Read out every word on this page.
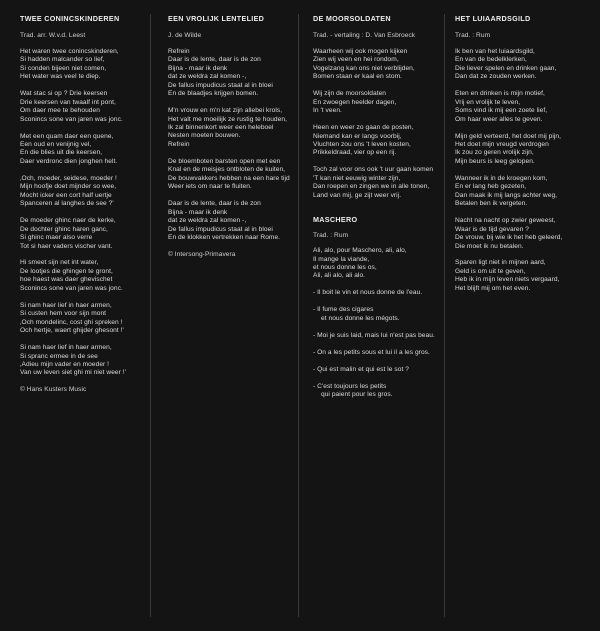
TWEE CONINCSKINDEREN
Trad. arr. W.v.d. Leest
Het waren twee conincskinderen,
Si hadden malcander so lief,
Si conden bijeen niet comen,
Het water was veel te diep.
Wat stac si op ? Drie keersen
Drie keersen van twaalf int pont,
Om daer mee te behouden
Sconincs sone van jaren was jonc.
Met een quam daer een quene,
Een oud en venijnig vel,
En die blies uit die keersen,
Daer verdronc dien jonghen helt.
‚Och, moeder, seidese, moeder !
Mijn hoofje doet mijnder so wee,
Mocht icker een cort half uertje
Spanceren al langhes de see ?'
De moeder ghinc naer de kerke,
De dochter ghinc haren ganc,
Si ghinc maer also verre
Tot si haer vaders vischer vant.
Hi smeet sijn net int water,
De lootjes die ghingen te gront,
hoe haest was daer ghevischet
Sconincs sone van jaren was jonc.
Si nam haer lief in haer armen,
Si custen hem voor sijn mont
‚Och mondelinc, cost ghi spreken !
Och hertje, waert ghijder ghesont !'
Si nam haer lief in haer armen,
Si spranc ermee in de see
‚Adieu mijn vader en moeder !
Van uw leven siet ghi mi niet weer !'
© Hans Kusters Music
EEN VROLIJK LENTELIED
J. de Wilde
Refrein
Daar is de lente, daar is de zon
Bijna - maar ik denk
dat ze weldra zal komen -,
De fallus impudicus staat al in bloei
En de blaadjes krijgen bomen.
M'n vrouw en m'n kat zijn allebei krols,
Het valt me moeilijk ze rustig te houden,
Ik zal binnenkort weer een heleboel
Nesten moeten bouwen.
Refrein
De bloemboten barsten open met een
Knal en de meisjes ontbloten de kuiten,
De bouwvakkers hebben na een hare tijd
Weer iets om naar te fluiten.
Daar is de lente, daar is de zon
Bijna - maar ik denk
dat ze weldra zal komen -,
De fallus impudicus staat al in bloei
En de klokken vertrekken naar Rome.
© Intersong-Primavera
DE MOORSOLDATEN
Trad. - vertaling : D. Van Esbroeck
Waarheen wij ook mogen kijken
Zien wij veen en hei rondom,
Vogelzang kan ons niet verblijden,
Bomen staan er kaal en stom.
Wij zijn de moorsoldaten
En zwoegen heelder dagen,
In 't veen.
Heen en weer zo gaan de posten,
Niemand kan er langs voorbij,
Vluchten zou ons 't leven kosten,
Prikkeldraad, vier op een rij.
Toch zal voor ons ook 't uur gaan komen
'T kan niet eeuwig winter zijn,
Dan roepen en zingen we in alle tonen,
Land van mij, ge zijt weer vrij.
MASCHERO
Trad. : Rum
Ali, alo, pour Maschero, ali, alo,
Il mange la viande,
et nous donne les os,
Ali, ali alo, ali alo.
- Il boit le vin et nous donne de l'eau.
- Il fume des cigares
et nous donne les mégots.
- Moi je suis laid, mais lui n'est pas beau.
- On a les petits sous et lui il a les gros.
- Qui est malin et qui est le sot ?
- C'est toujours les petits
qui paient pour les gros.
HET LUIAARDSGILD
Trad. : Rum
Ik ben van het luiaardsgild,
En van de bedelklerken,
Die liever spelen en drinken gaan,
Dan dat ze zouden werken.
Eten en drinken is mijn motief,
Vrij en vrolijk te leven,
Soms vind ik mij een zoete lief,
Om haar weer alles te geven.
Mijn geld verteerd, het doet mij pijn,
Het doet mijn vreugd verdrogen
Ik zou zo geren vrolijk zijn,
Mijn beurs is leeg gelopen.
Wanneer ik in de kroegen kom,
En er lang heb gezeten,
Dan maak ik mij langs achter weg,
Betalen ben ik vergeten.
Nacht na nacht op zwier geweest,
Waar is de tijd gevaren ?
De vrouw, bij wie ik het heb geleerd,
Die moet ik nu betalen.
Sparen ligt niet in mijnen aard,
Geld is om uit te geven,
Heb ik in mijn leven niets vergaard,
Het blijft mij om het even.
